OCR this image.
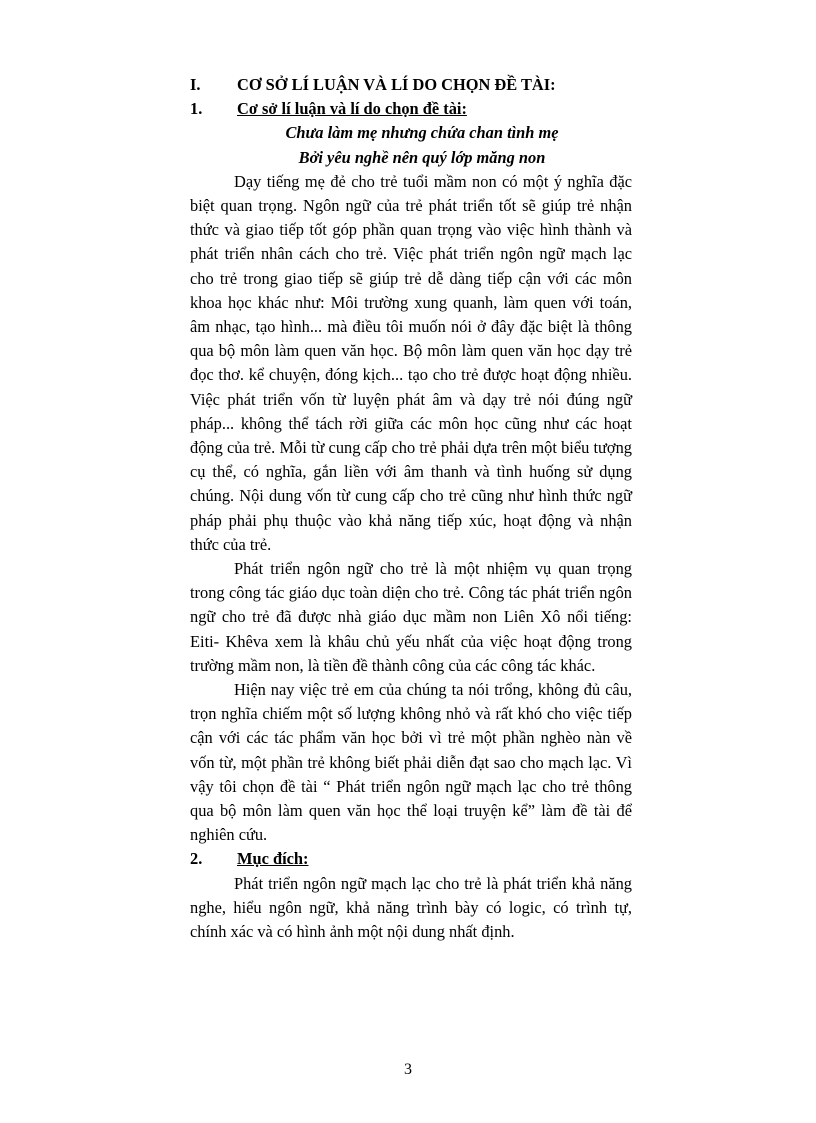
I.	CƠ SỞ LÍ LUẬN VÀ LÍ DO CHỌN ĐỀ TÀI:
1.	Cơ sở lí luận và lí do chọn đề tài:
Chưa làm mẹ nhưng chứa chan tình mẹ
Bởi yêu nghề nên quý lớp măng non

Dạy tiếng mẹ đẻ cho trẻ tuổi mầm non có một ý nghĩa đặc biệt quan trọng. Ngôn ngữ của trẻ phát triển tốt sẽ giúp trẻ nhận thức và giao tiếp tốt góp phần quan trọng vào việc hình thành và phát triển nhân cách cho trẻ. Việc phát triển ngôn ngữ mạch lạc cho trẻ trong giao tiếp sẽ giúp trẻ dễ dàng tiếp cận với các môn khoa học khác như: Môi trường xung quanh, làm quen với toán, âm nhạc, tạo hình... mà điều tôi muốn nói ở đây đặc biệt là thông qua bộ môn làm quen văn học. Bộ môn làm quen văn học dạy trẻ đọc thơ. kể chuyện, đóng kịch... tạo cho trẻ được hoạt động nhiều. Việc phát triển vốn từ luyện phát âm và dạy trẻ nói đúng ngữ pháp... không thể tách rời giữa các môn học cũng như các hoạt động của trẻ. Mỗi từ cung cấp cho trẻ phải dựa trên một biểu tượng cụ thể, có nghĩa, gắn liền với âm thanh và tình huống sử dụng chúng. Nội dung vốn từ cung cấp cho trẻ cũng như hình thức ngữ pháp phải phụ thuộc vào khả năng tiếp xúc, hoạt động và nhận thức của trẻ.

Phát triển ngôn ngữ cho trẻ là một nhiệm vụ quan trọng trong công tác giáo dục toàn diện cho trẻ. Công tác phát triển ngôn ngữ cho trẻ đã được nhà giáo dục mầm non Liên Xô nổi tiếng: Eiti- Khêva xem là khâu chủ yếu nhất của việc hoạt động trong trường mầm non, là tiền đề thành công của các công tác khác.

Hiện nay việc trẻ em của chúng ta nói trổng, không đủ câu, trọn nghĩa chiếm một số lượng không nhỏ và rất khó cho việc tiếp cận với các tác phẩm văn học bởi vì trẻ một phần nghèo nàn về vốn từ, một phần trẻ không biết phải diễn đạt sao cho mạch lạc. Vì vậy tôi chọn đề tài “ Phát triển ngôn ngữ mạch lạc cho trẻ thông qua bộ môn làm quen văn học thể loại truyện kể” làm đề tài để nghiên cứu.

2.	Mục đích:

Phát triển ngôn ngữ mạch lạc cho trẻ là phát triển khả năng nghe, hiểu ngôn ngữ, khả năng trình bày có logic, có trình tự, chính xác và có hình ảnh một nội dung nhất định.

3
